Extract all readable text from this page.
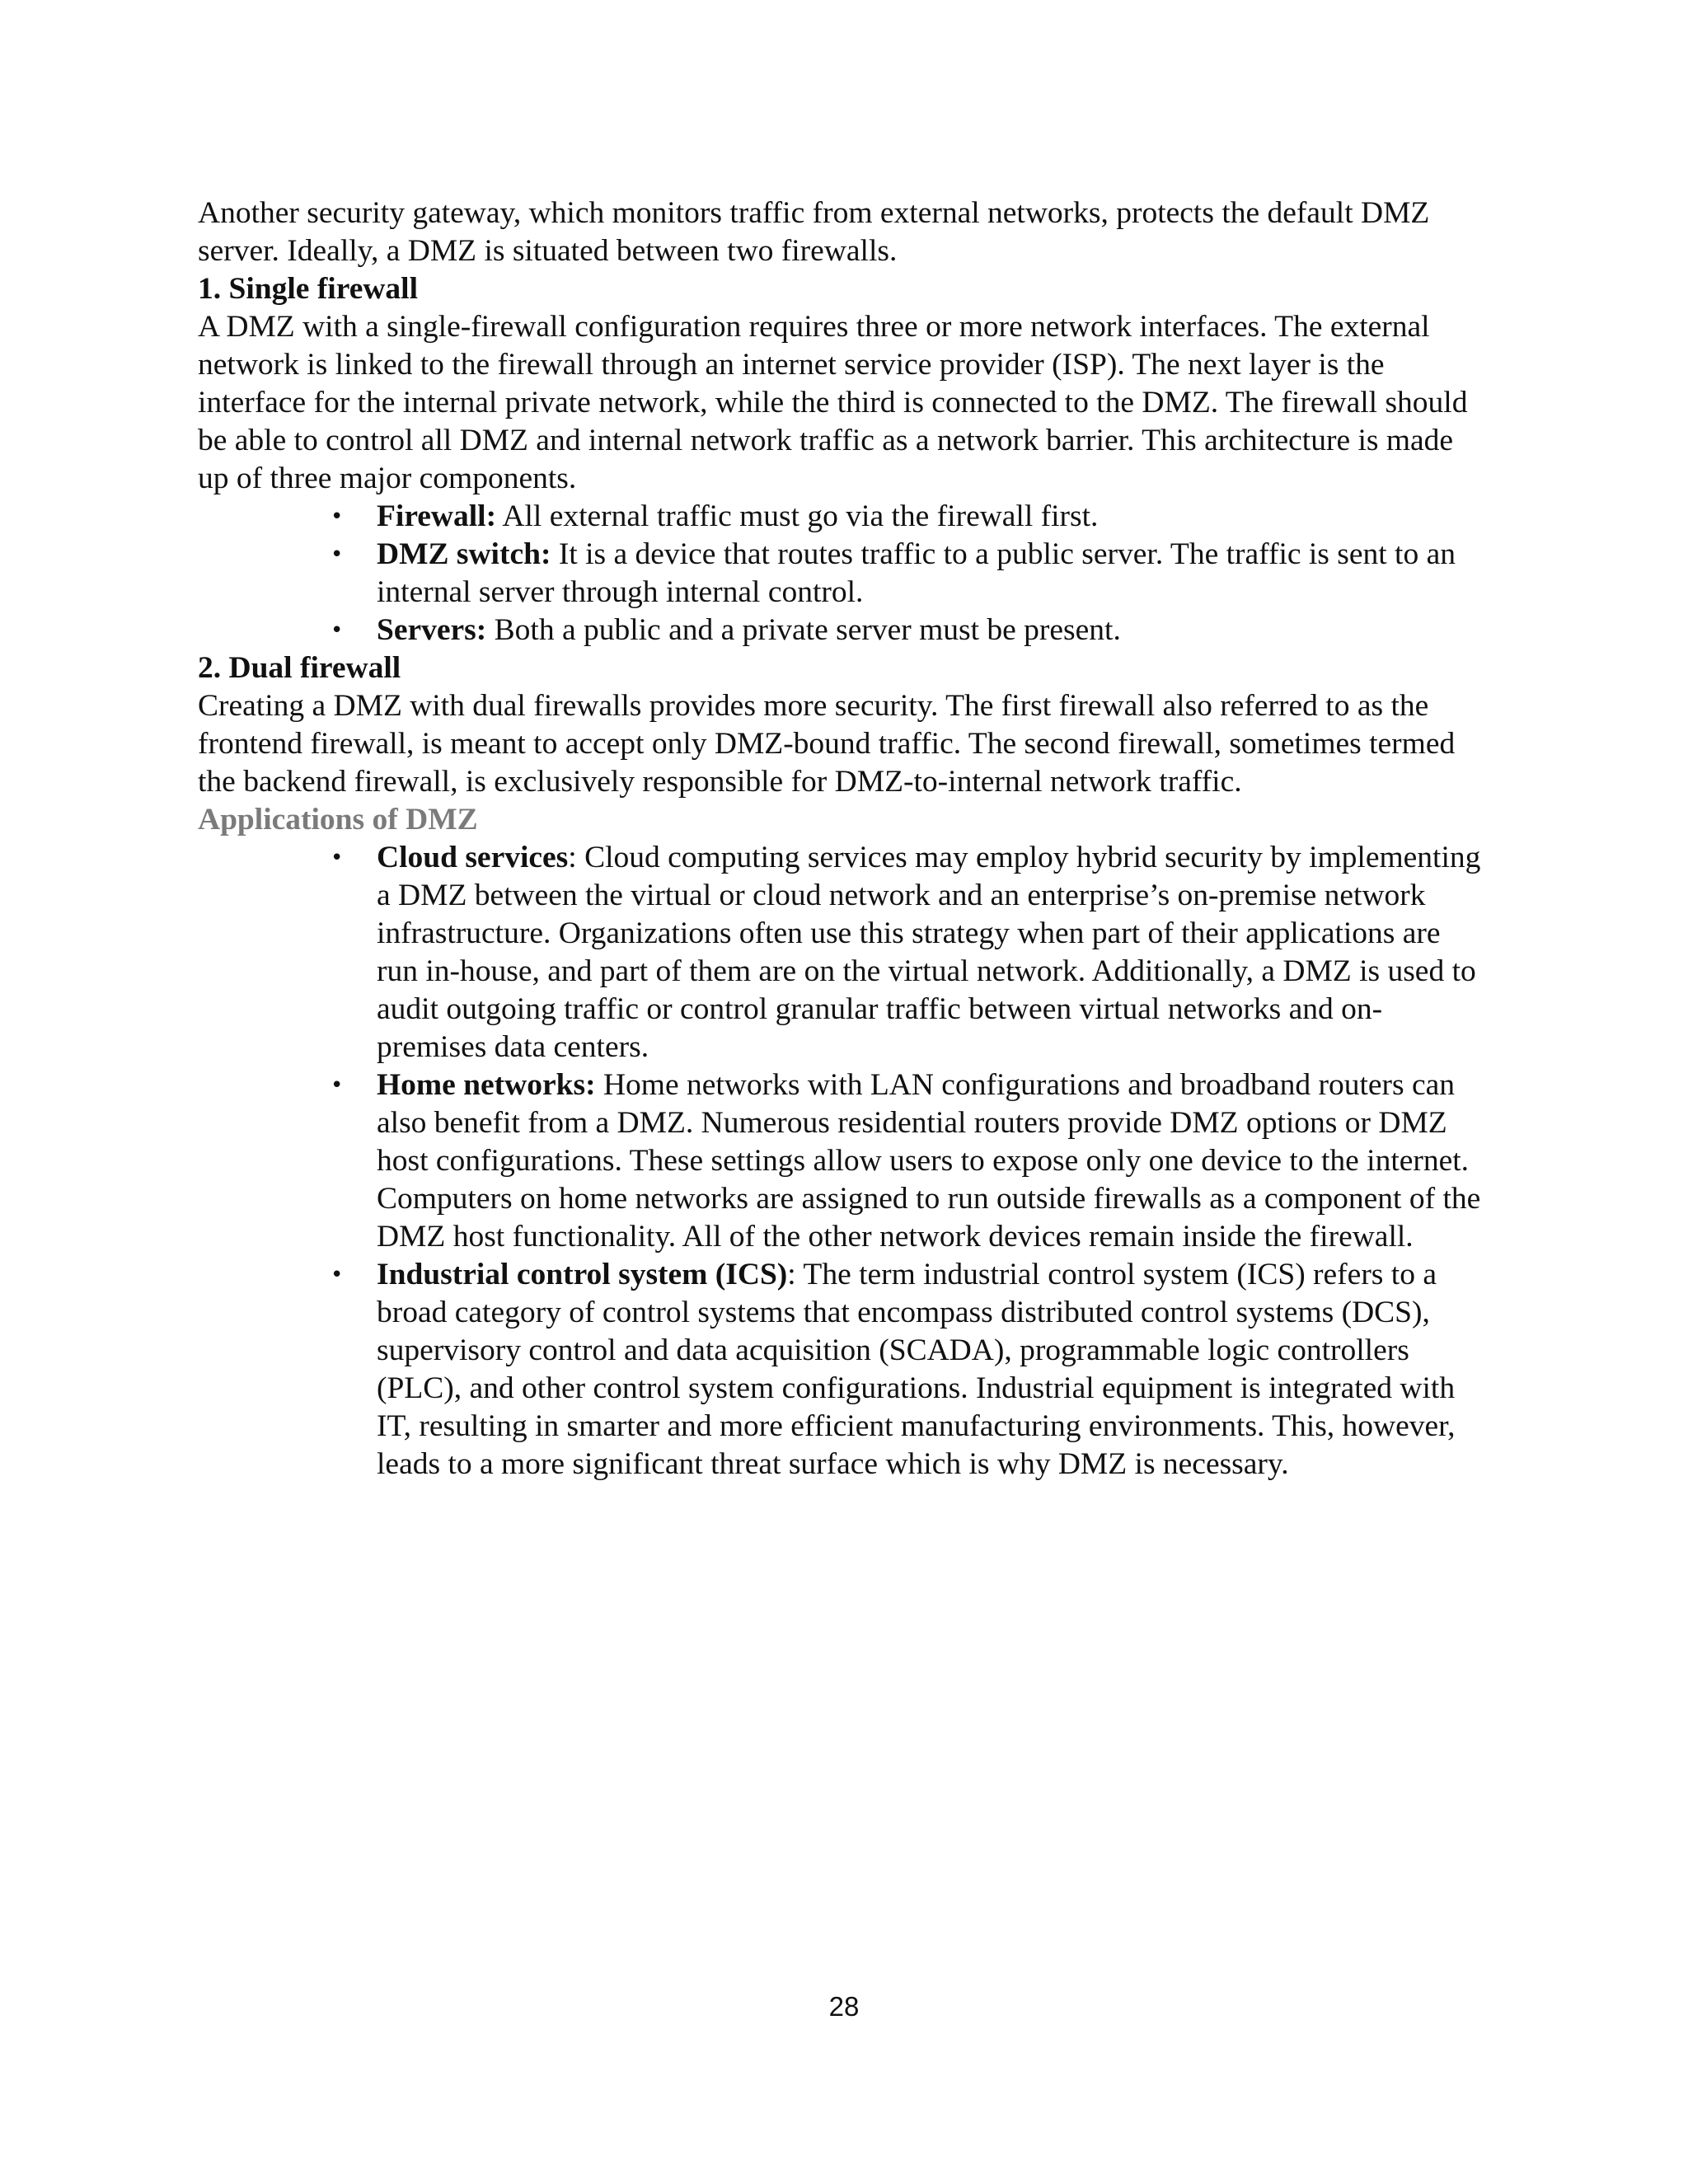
Another security gateway, which monitors traffic from external networks, protects the default DMZ server. Ideally, a DMZ is situated between two firewalls.

1. Single firewall

A DMZ with a single-firewall configuration requires three or more network interfaces. The external network is linked to the firewall through an internet service provider (ISP). The next layer is the interface for the internal private network, while the third is connected to the DMZ. The firewall should be able to control all DMZ and internal network traffic as a network barrier. This architecture is made up of three major components.

• Firewall: All external traffic must go via the firewall first.
• DMZ switch: It is a device that routes traffic to a public server. The traffic is sent to an internal server through internal control.
• Servers: Both a public and a private server must be present.

2. Dual firewall

Creating a DMZ with dual firewalls provides more security. The first firewall also referred to as the frontend firewall, is meant to accept only DMZ-bound traffic. The second firewall, sometimes termed the backend firewall, is exclusively responsible for DMZ-to-internal network traffic.

Applications of DMZ

• Cloud services: Cloud computing services may employ hybrid security by implementing a DMZ between the virtual or cloud network and an enterprise’s on-premise network infrastructure. Organizations often use this strategy when part of their applications are run in-house, and part of them are on the virtual network. Additionally, a DMZ is used to audit outgoing traffic or control granular traffic between virtual networks and on-premises data centers.
• Home networks: Home networks with LAN configurations and broadband routers can also benefit from a DMZ. Numerous residential routers provide DMZ options or DMZ host configurations. These settings allow users to expose only one device to the internet. Computers on home networks are assigned to run outside firewalls as a component of the DMZ host functionality. All of the other network devices remain inside the firewall.
• Industrial control system (ICS): The term industrial control system (ICS) refers to a broad category of control systems that encompass distributed control systems (DCS), supervisory control and data acquisition (SCADA), programmable logic controllers (PLC), and other control system configurations. Industrial equipment is integrated with IT, resulting in smarter and more efficient manufacturing environments. This, however, leads to a more significant threat surface which is why DMZ is necessary.
28
